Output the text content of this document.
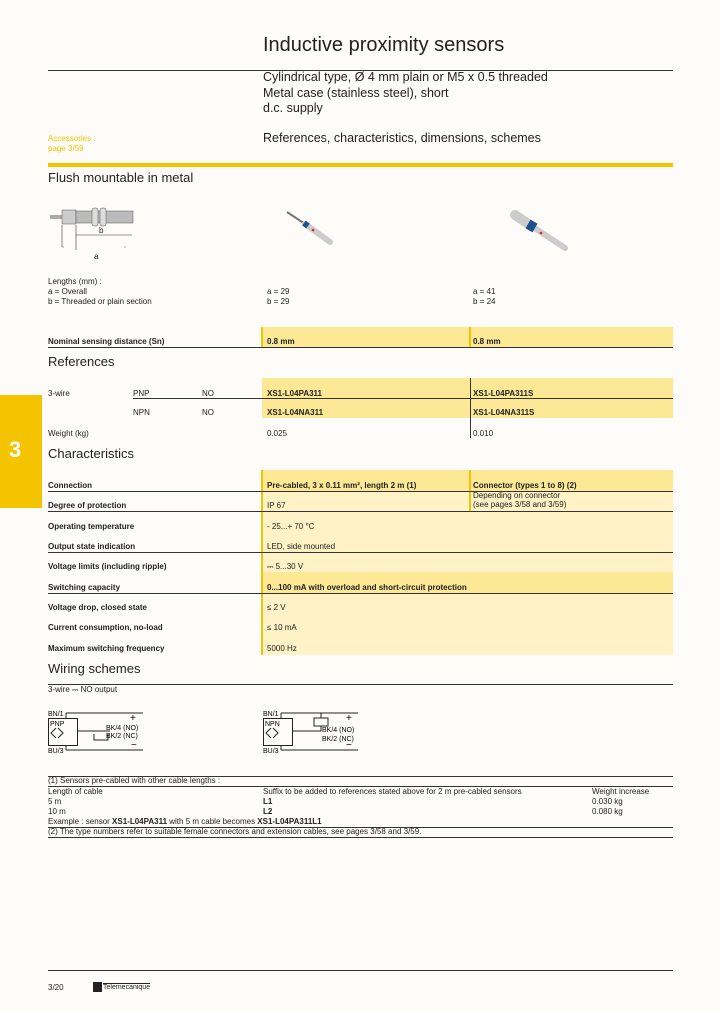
Inductive proximity sensors
Cylindrical type, Ø 4 mm plain or M5 x 0.5 threaded
Metal case (stainless steel), short
d.c. supply
References, characteristics, dimensions, schemes
Accessories :
page 3/59
3
Flush mountable in metal
b
a
Lengths (mm) :
a = Overall
b = Threaded or plain section
a = 29
b = 29
a = 41
b = 24
Nominal sensing distance (Sn)	0.8 mm	0.8 mm
References
3-wire	PNP	NO	XS1-L04PA311	XS1-L04PA311S
NPN	NO	XS1-L04NA311	XS1-L04NA311S
Weight (kg)	0.025	0.010
Characteristics
Connection	Pre-cabled, 3 x 0.11 mm², length 2 m (1)	Connector (types 1 to 8) (2)
Degree of protection	IP 67
Depending on connector
(see pages 3/58 and 3/59)
Operating temperature	- 25...+ 70 °C
Output state indication	LED, side mounted
Voltage limits (including ripple)	⎓ 5...30 V
Switching capacity	0...100 mA with overload and short-circuit protection
Voltage drop, closed state	≤ 2 V
Current consumption, no-load	≤ 10 mA
Maximum switching frequency	5000 Hz
Wiring schemes
3-wire ⎓ NO output
BN/1
BU/3
PNP
BK/4 (NO)
BK/2 (NC)
+
−
BN/1
BU/3
NPN
BK/4 (NO)
BK/2 (NC)
+
−
(1) Sensors pre-cabled with other cable lengths :
Length of cable	Suffix to be added to references stated above for 2 m pre-cabled sensors	Weight increase
5 m	L1	0.030 kg
10 m	L2	0.080 kg
Example : sensor XS1-L04PA311 with 5 m cable becomes XS1-L04PA311L1
(2) The type numbers refer to suitable female connectors and extension cables, see pages 3/58 and 3/59.
3/20	Telemecanique
